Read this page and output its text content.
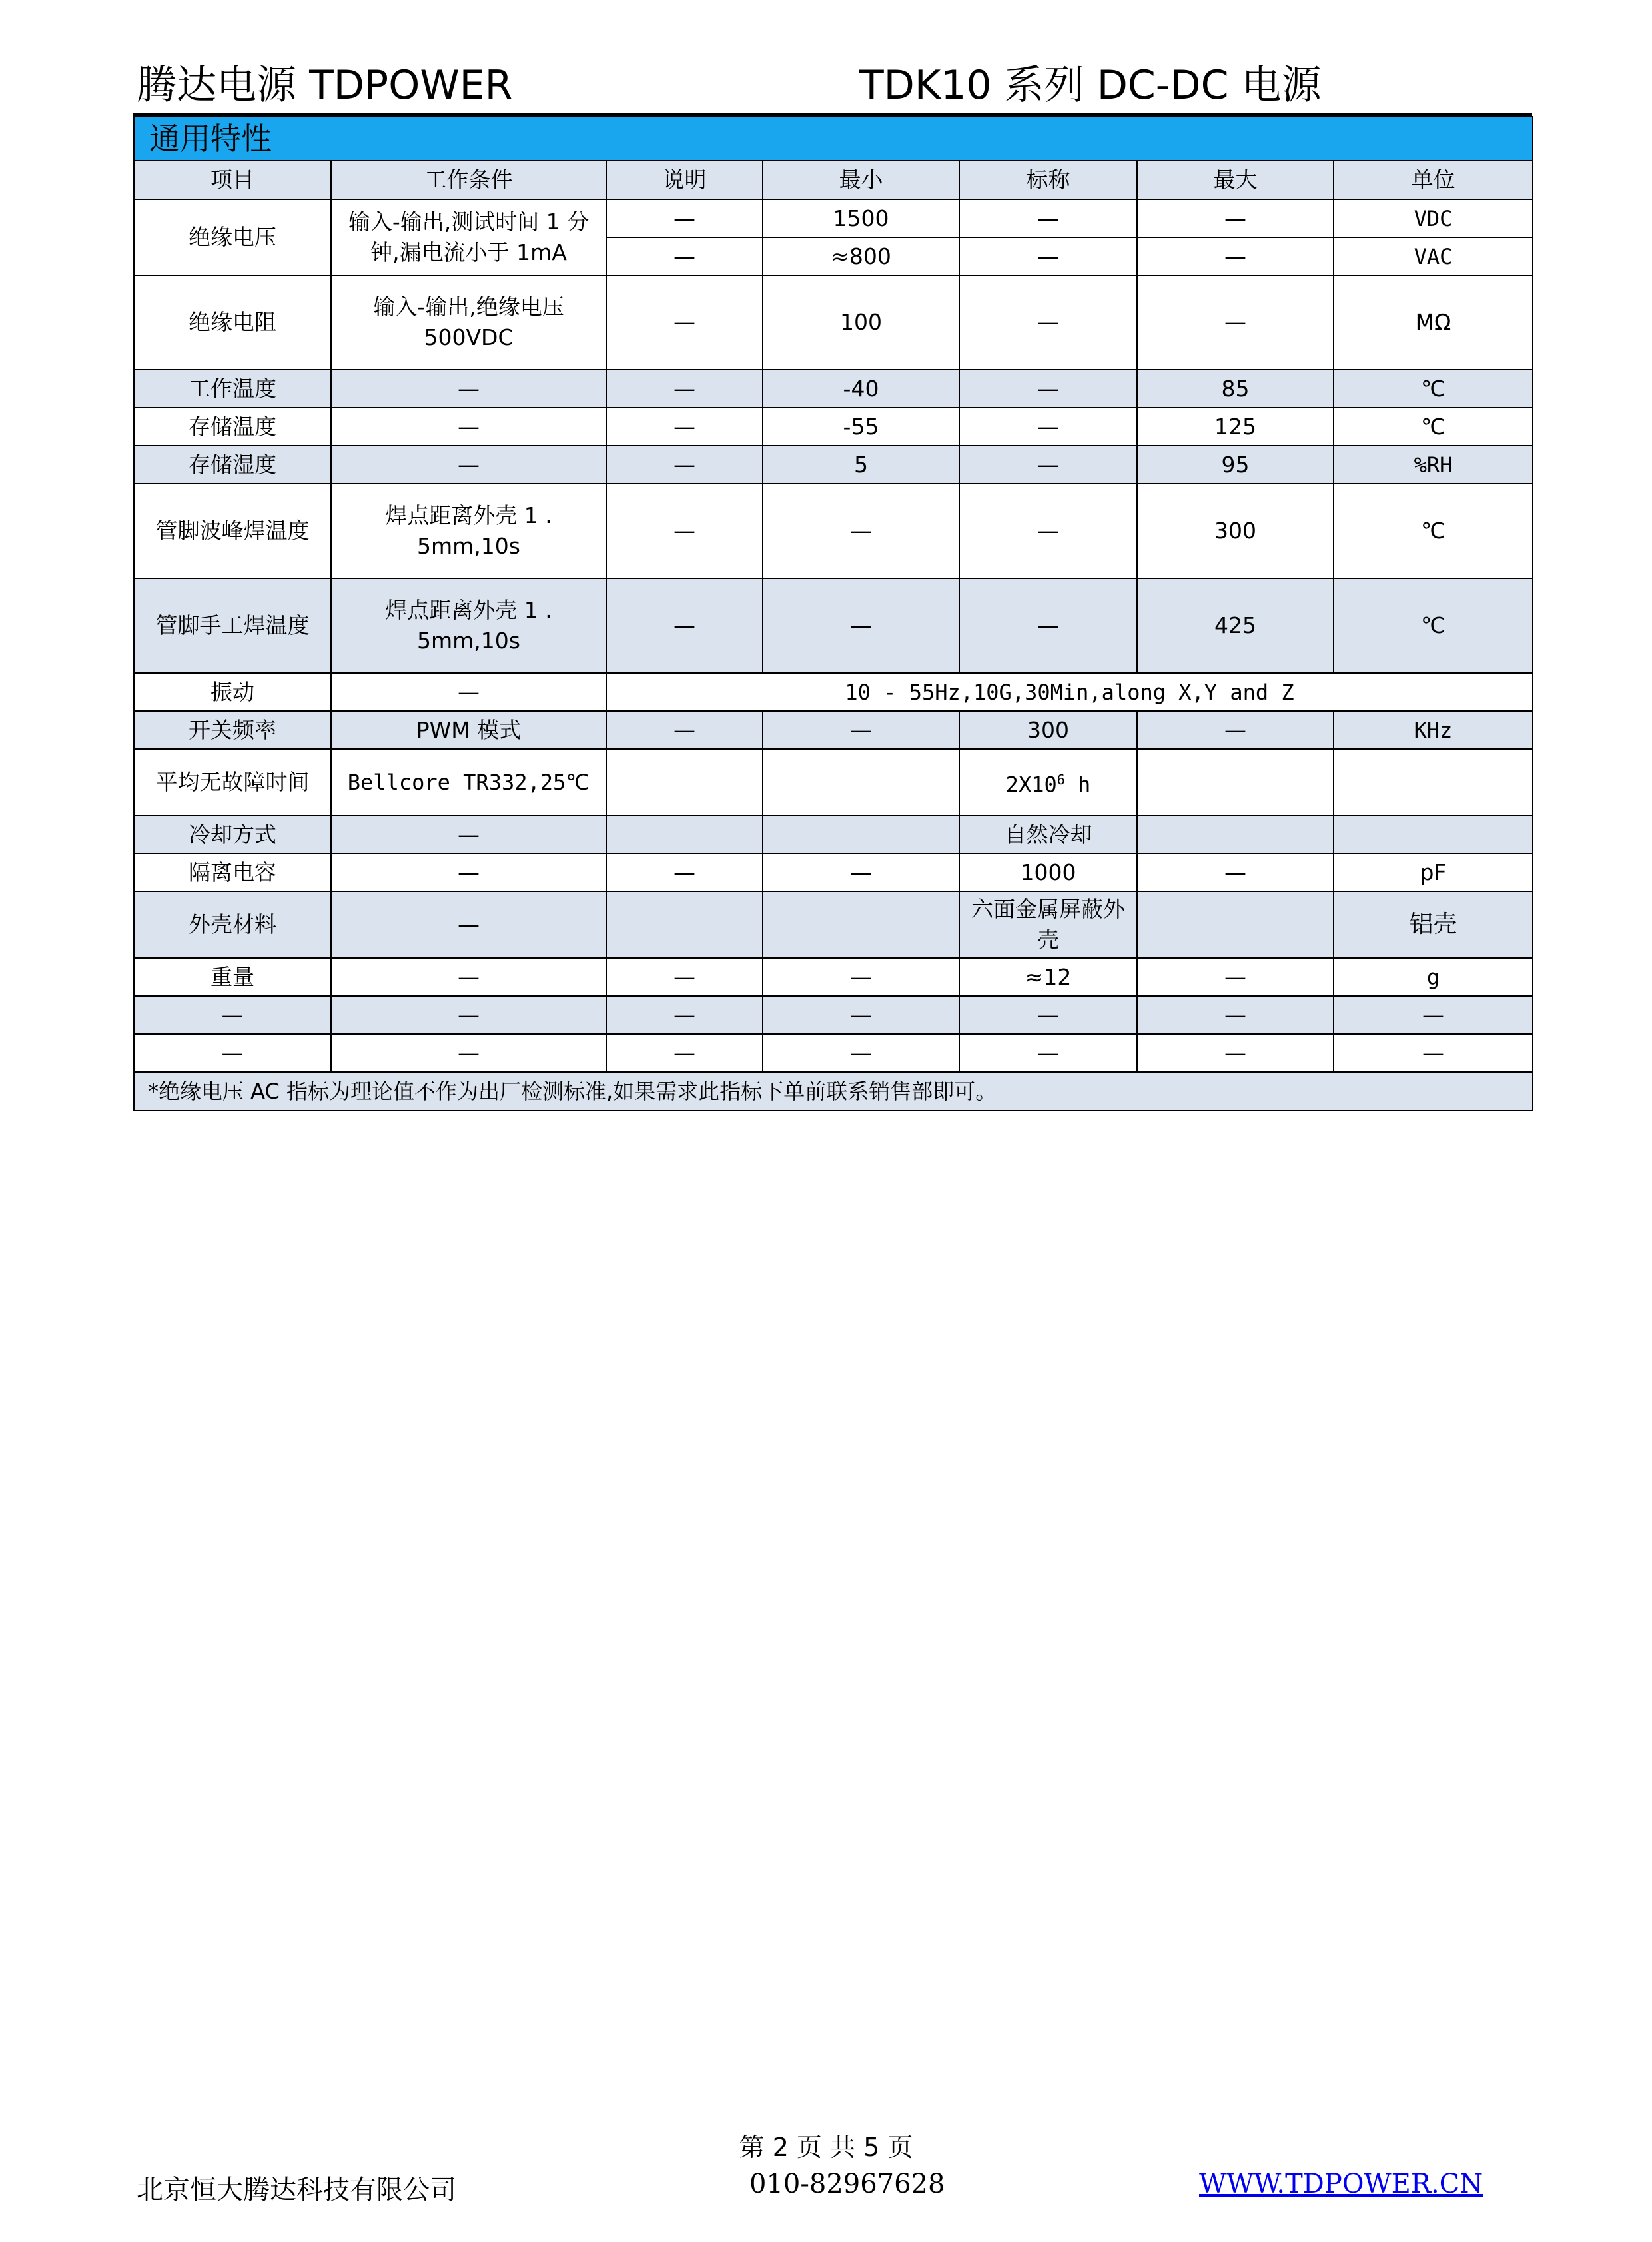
腾达电源 TDPOWER	TDK10 系列 DC-DC 电源
通用特性						
项目	工作条件	说明	最小	标称	最大	单位
绝缘电压	输入-输出,测试时间 1 分钟,漏电流小于 1mA	—	1500	—	—	VDC
		—	≈800	—	—	VAC
绝缘电阻	输入-输出,绝缘电压 500VDC	—	100	—	—	MΩ
工作温度	—	—	-40	—	85	℃
存储温度	—	—	-55	—	125	℃
存储湿度	—	—	5	—	95	%RH
管脚波峰焊温度	焊点距离外壳 1 . 5mm,10s	—	—	—	300	℃
管脚手工焊温度	焊点距离外壳 1 . 5mm,10s	—	—	—	425	℃
振动	—	10 - 55Hz,10G,30Min,along X,Y and Z				
开关频率	PWM 模式	—	—	300	—	KHz
平均无故障时间	Bellcore TR332,25℃			$2X10^6$ h		
冷却方式	—			自然冷却		
隔离电容	—	—	—	1000	—	pF
外壳材料	—			六面金属屏蔽外壳		铝壳
重量	—	—	—	≈12	—	g
—	—	—	—	—	—	—
—	—	—	—	—	—	—
*绝缘电压 AC 指标为理论值不作为出厂检测标准,如果需求此指标下单前联系销售部即可。						
第 2 页 共 5 页
北京恒大腾达科技有限公司	010-82967628	WWW.TDPOWER.CN
